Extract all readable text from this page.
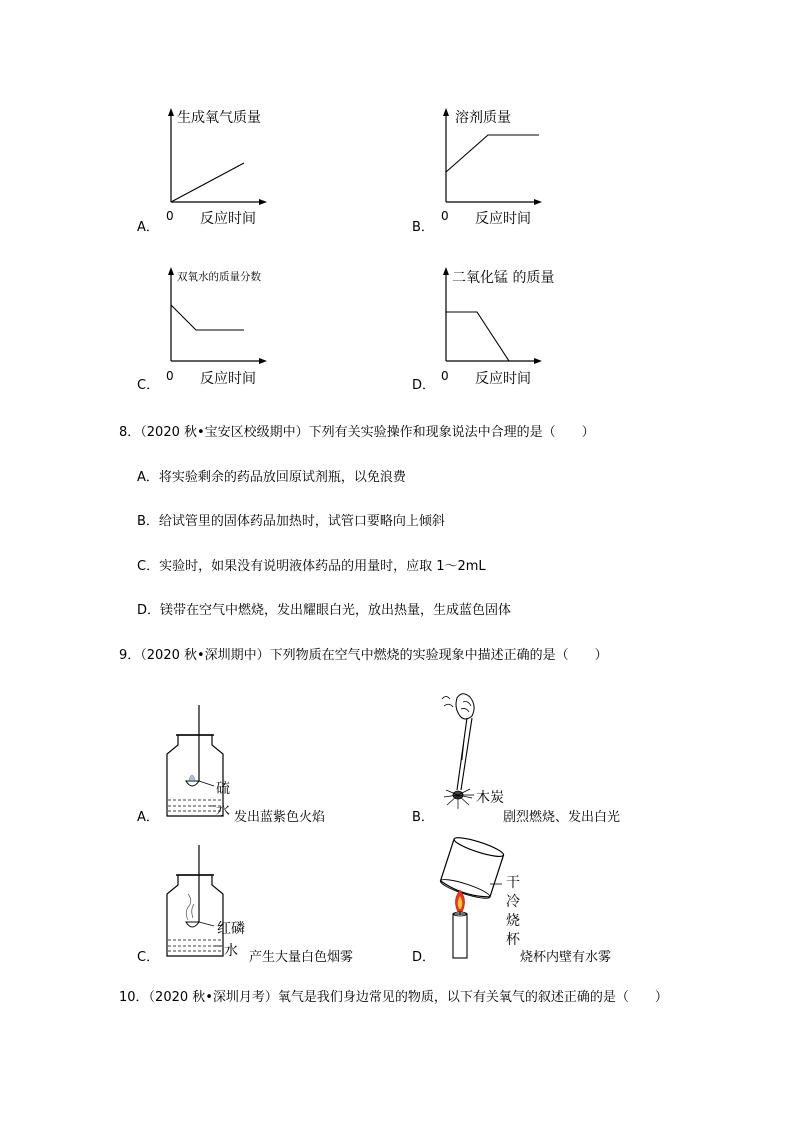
生成氧气质量
0 反应时间
A．
溶剂质量
0 反应时间
B．
双氧水的质量分数
0 反应时间
C．
二氧化锰 的质量
0 反应时间
D．
8．（2020 秋•宝安区校级期中）下列有关实验操作和现象说法中合理的是（　　）
A．将实验剩余的药品放回原试剂瓶，以免浪费
B．给试管里的固体药品加热时，试管口要略向上倾斜
C．实验时，如果没有说明液体药品的用量时，应取 1～2mL
D．镁带在空气中燃烧，发出耀眼白光，放出热量，生成蓝色固体
9．（2020 秋•深圳期中）下列物质在空气中燃烧的实验现象中描述正确的是（　　）
硫
水 发出蓝紫色火焰
A．
木炭
剧烈燃烧、发出白光
B．
红磷
水 产生大量白色烟雾
C．
干
冷
烧
杯
烧杯内壁有水雾
D．
10．（2020 秋•深圳月考）氧气是我们身边常见的物质，以下有关氧气的叙述正确的是（　　）
